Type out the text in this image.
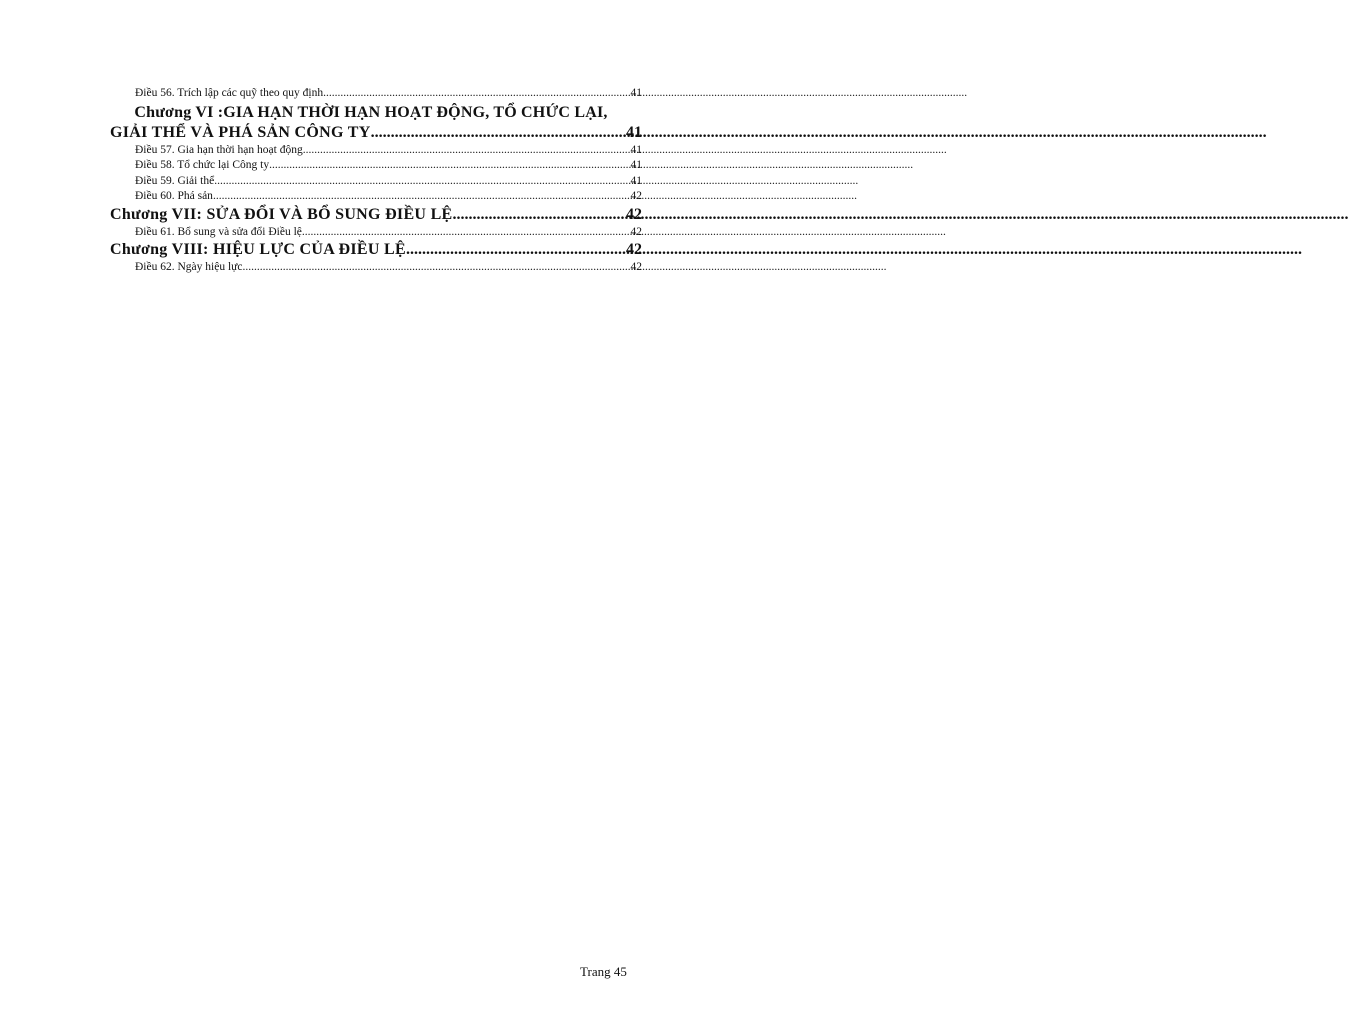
Điều 56. Trích lập các quỹ theo quy định .....	41
Chương VI :GIA HẠN THỜI HẠN HOẠT ĐỘNG, TỔ CHỨC LẠI,
GIẢI THỂ VÀ PHÁ SẢN CÔNG TY .....	41
Điều 57. Gia hạn thời hạn hoạt động .....	41
Điều 58. Tổ chức lại Công ty .....	41
Điều 59. Giải thể .....	41
Điều 60. Phá sản .....	42
Chương VII: SỬA ĐỔI VÀ BỔ SUNG ĐIỀU LỆ .....	42
Điều 61. Bổ sung và sửa đổi Điều lệ .....	42
Chương VIII: HIỆU LỰC CỦA ĐIỀU LỆ .....	42
Điều 62. Ngày hiệu lực .....	42
Trang 45
